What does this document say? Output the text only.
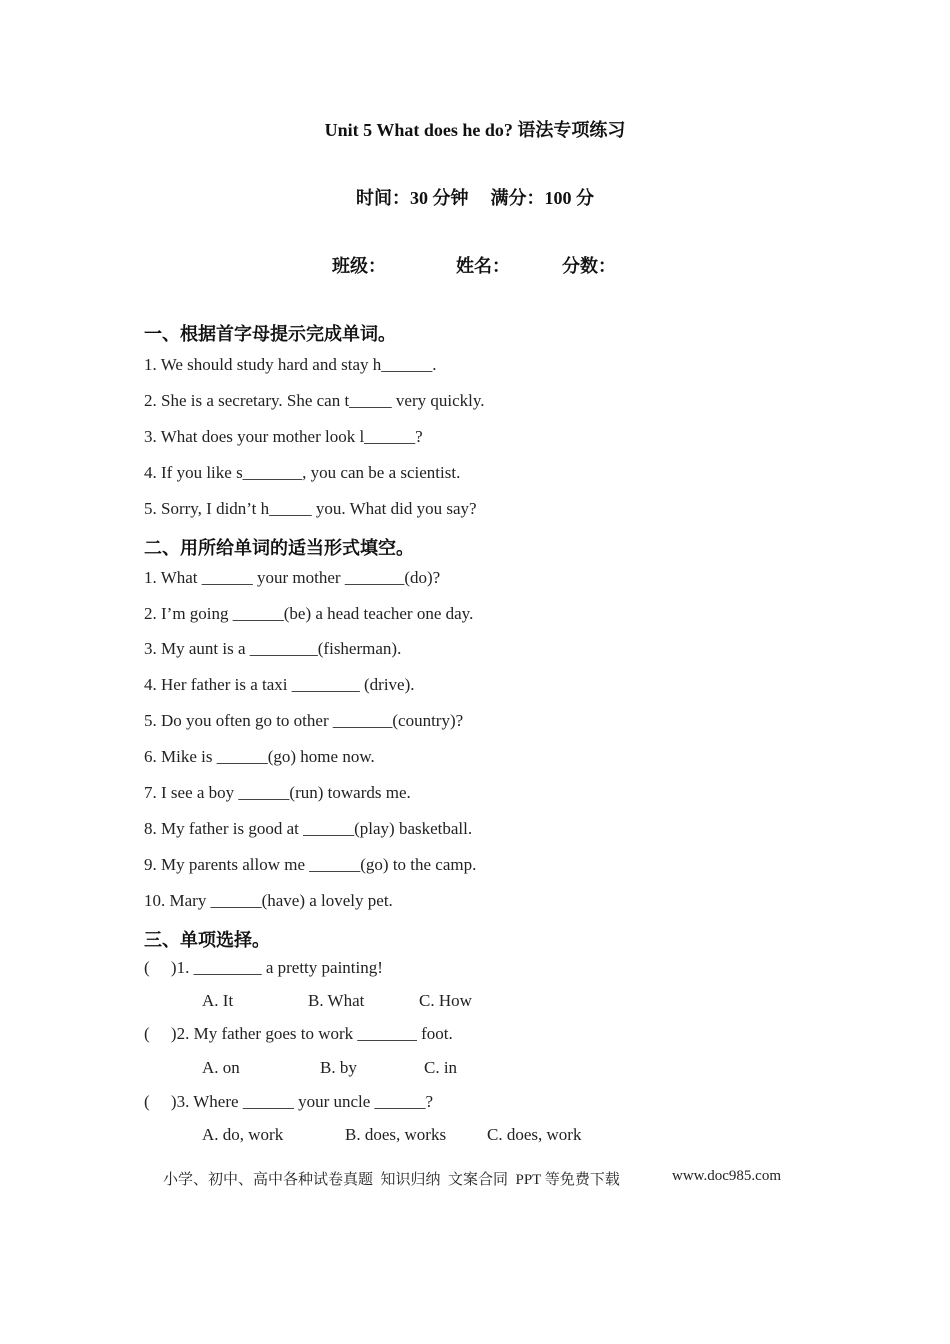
Unit 5 What does he do? 语法专项练习
时间：30 分钟 满分：100 分
班级：	姓名：	分数：
一、根据首字母提示完成单词。
1. We should study hard and stay h______.
2. She is a secretary. She can t_____ very quickly.
3. What does your mother look l______?
4. If you like s_______, you can be a scientist.
5. Sorry, I didn’t h_____ you. What did you say?
二、用所给单词的适当形式填空。
1. What ______ your mother _______(do)?
2. I’m going ______(be) a head teacher one day.
3. My aunt is a ________(fisherman).
4. Her father is a taxi ________ (drive).
5. Do you often go to other _______(country)?
6. Mike is ______(go) home now.
7. I see a boy ______(run) towards me.
8. My father is good at ______(play) basketball.
9. My parents allow me ______(go) to the camp.
10. Mary ______(have) a lovely pet.
三、单项选择。
(     )1. ________ a pretty painting!
A. It	B. What	C. How
(     )2. My father goes to work _______ foot.
A. on	B. by	C. in
(     )3. Where ______ your uncle ______?
A. do, work	B. does, works C. does, work
小学、初中、高中各种试卷真题  知识归纳  文案合同  PPT 等免费下载	www.doc985.com
